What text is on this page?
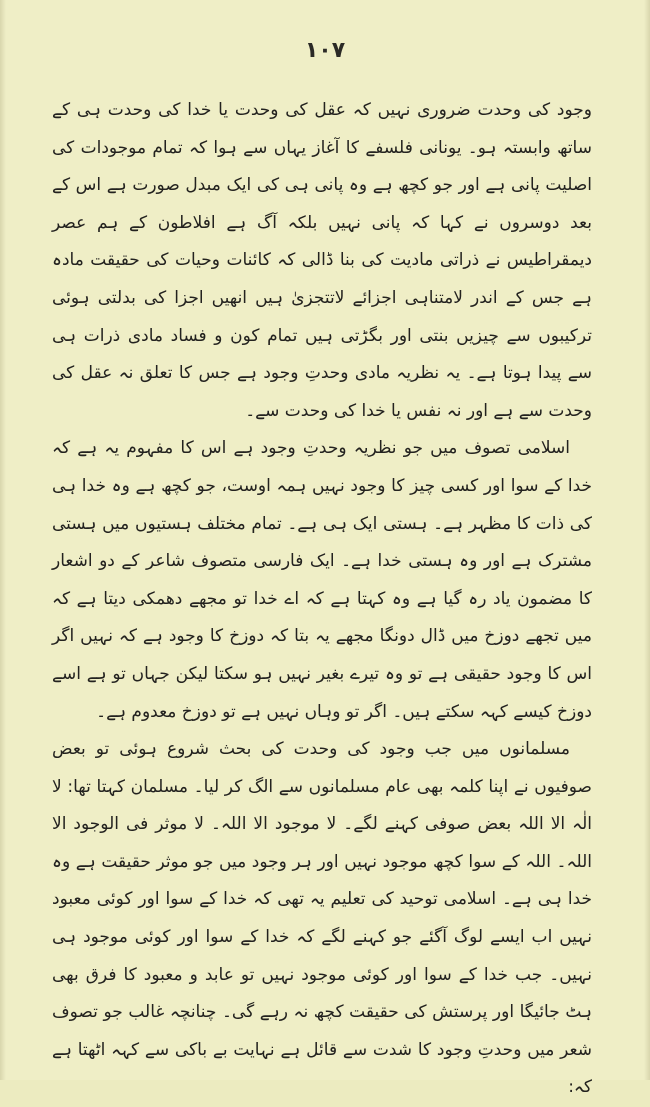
۱۰۷

وجود کی وحدت ضروری نہیں کہ عقل کی وحدت یا خدا کی وحدت ہی کے ساتھ وابستہ ہو۔ یونانی فلسفے کا آغاز یہاں سے ہوا کہ تمام موجودات کی اصلیت پانی ہے اور جو کچھ ہے وہ پانی ہی کی ایک مبدل صورت ہے اس کے بعد دوسروں نے کہا کہ پانی نہیں بلکہ آگ ہے افلاطون کے ہم عصر دیمقراطیس نے ذراتی مادیت کی بنا ڈالی کہ کائنات وحیات کی حقیقت مادہ ہے جس کے اندر لامتناہی اجزائے لاتتجزیٰ ہیں انھیں اجزا کی بدلتی ہوئی ترکیبوں سے چیزیں بنتی اور بگڑتی ہیں تمام کون و فساد مادی ذرات ہی سے پیدا ہوتا ہے۔ یہ نظریہ مادی وحدتِ وجود ہے جس کا تعلق نہ عقل کی وحدت سے ہے اور نہ نفس یا خدا کی وحدت سے۔

اسلامی تصوف میں جو نظریہ وحدتِ وجود ہے اس کا مفہوم یہ ہے کہ خدا کے سوا اور کسی چیز کا وجود نہیں ہمہ اوست، جو کچھ ہے وہ خدا ہی کی ذات کا مظہر ہے۔ ہستی ایک ہی ہے۔ تمام مختلف ہستیوں میں ہستی مشترک ہے اور وہ ہستی خدا ہے۔ ایک فارسی متصوف شاعر کے دو اشعار کا مضمون یاد رہ گیا ہے وہ کہتا ہے کہ اے خدا تو مجھے دھمکی دیتا ہے کہ میں تجھے دوزخ میں ڈال دونگا مجھے یہ بتا کہ دوزخ کا وجود ہے کہ نہیں اگر اس کا وجود حقیقی ہے تو وہ تیرے بغیر نہیں ہو سکتا لیکن جہاں تو ہے اسے دوزخ کیسے کہہ سکتے ہیں۔ اگر تو وہاں نہیں ہے تو دوزخ معدوم ہے۔

مسلمانوں میں جب وجود کی وحدت کی بحث شروع ہوئی تو بعض صوفیوں نے اپنا کلمہ بھی عام مسلمانوں سے الگ کر لیا۔ مسلمان کہتا تھا: لا الٰہ الا اللہ بعض صوفی کہنے لگے۔ لا موجود الا اللہ۔ لا موثر فی الوجود الا اللہ۔ اللہ کے سوا کچھ موجود نہیں اور ہر وجود میں جو موثر حقیقت ہے وہ خدا ہی ہے۔ اسلامی توحید کی تعلیم یہ تھی کہ خدا کے سوا اور کوئی معبود نہیں اب ایسے لوگ آگئے جو کہنے لگے کہ خدا کے سوا اور کوئی موجود ہی نہیں۔ جب خدا کے سوا اور کوئی موجود نہیں تو عابد و معبود کا فرق بھی ہٹ جائیگا اور پرستش کی حقیقت کچھ نہ رہے گی۔ چنانچہ غالب جو تصوف شعر میں وحدتِ وجود کا شدت سے قائل ہے نہایت بے باکی سے کہہ اٹھتا ہے کہ:
